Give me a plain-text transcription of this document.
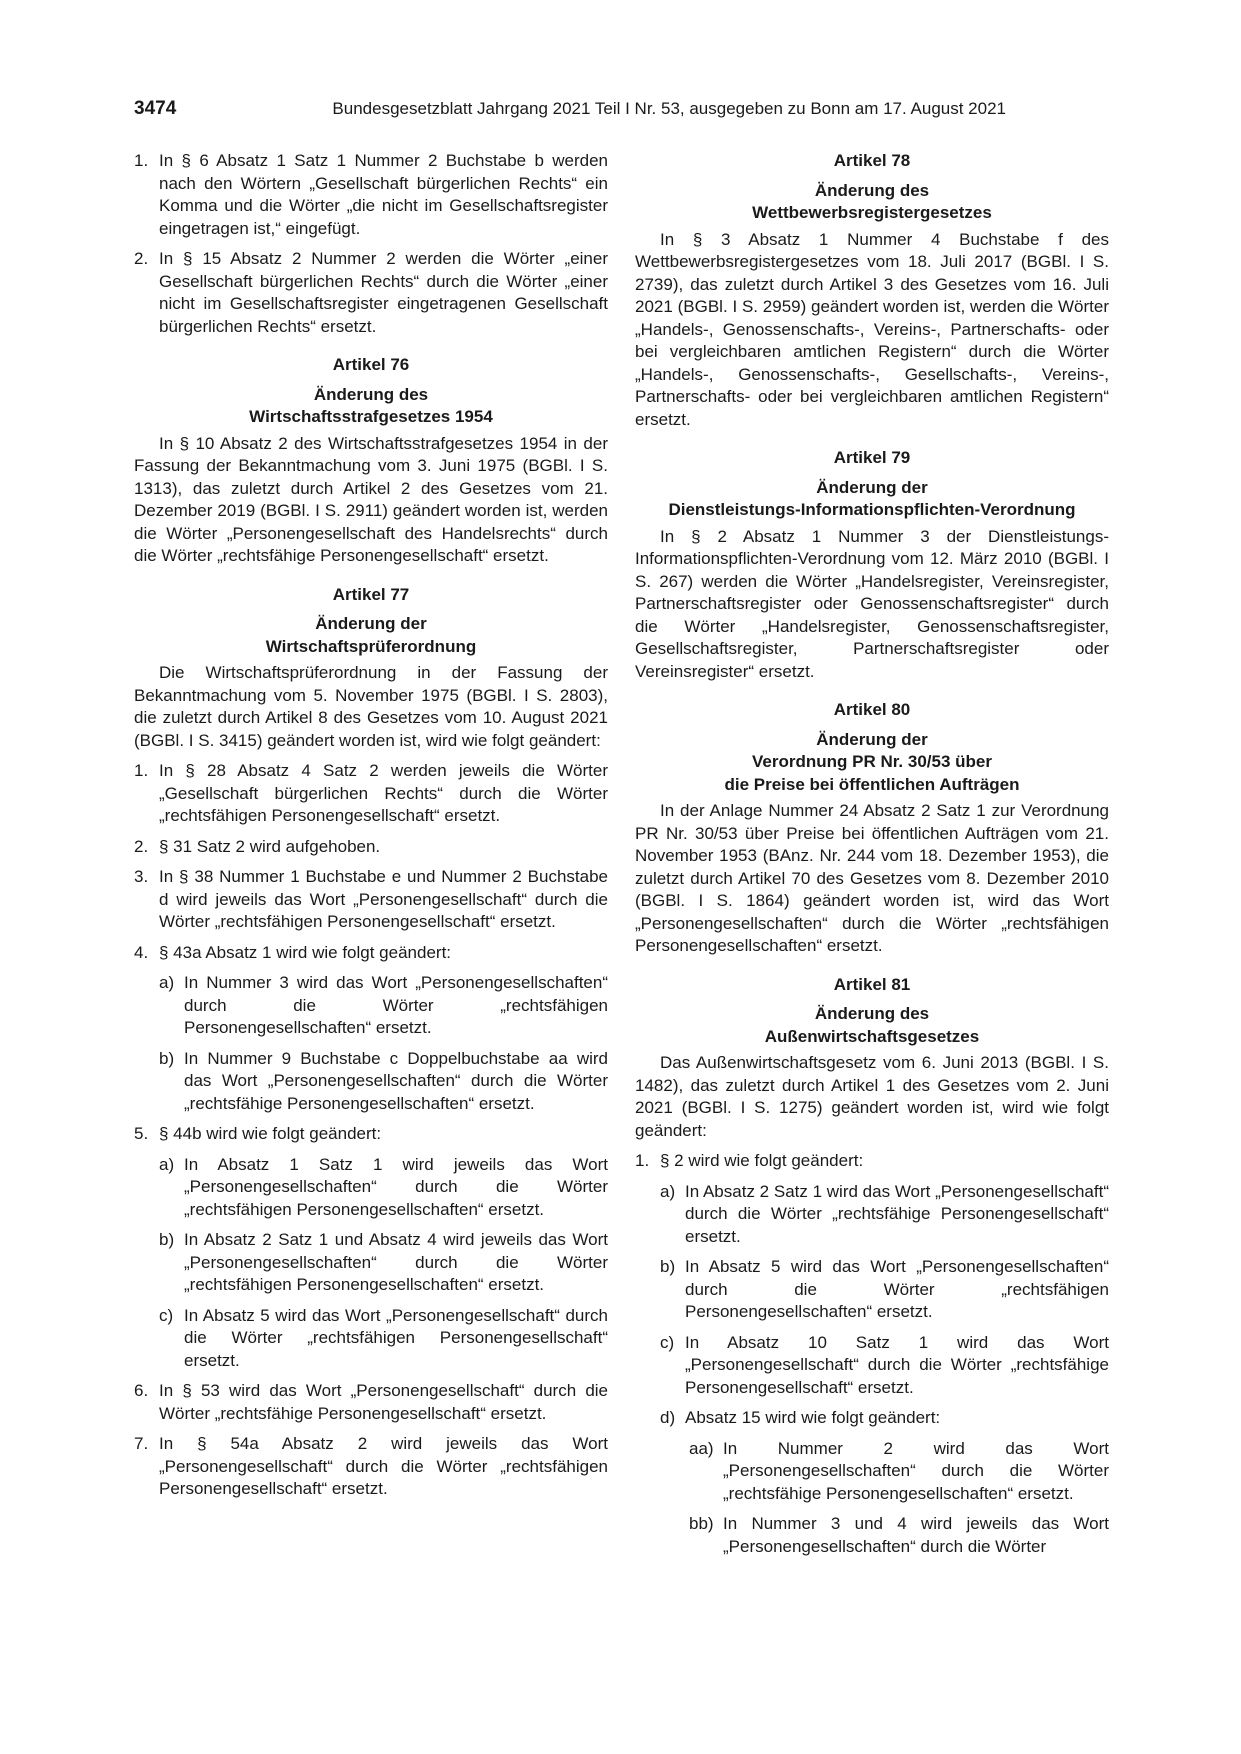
3474	Bundesgesetzblatt Jahrgang 2021 Teil I Nr. 53, ausgegeben zu Bonn am 17. August 2021
1. In § 6 Absatz 1 Satz 1 Nummer 2 Buchstabe b werden nach den Wörtern „Gesellschaft bürgerlichen Rechts“ ein Komma und die Wörter „die nicht im Gesellschaftsregister eingetragen ist,“ eingefügt.
2. In § 15 Absatz 2 Nummer 2 werden die Wörter „einer Gesellschaft bürgerlichen Rechts“ durch die Wörter „einer nicht im Gesellschaftsregister eingetragenen Gesellschaft bürgerlichen Rechts“ ersetzt.
Artikel 76
Änderung des
Wirtschaftsstrafgesetzes 1954

In § 10 Absatz 2 des Wirtschaftsstrafgesetzes 1954 in der Fassung der Bekanntmachung vom 3. Juni 1975 (BGBl. I S. 1313), das zuletzt durch Artikel 2 des Gesetzes vom 21. Dezember 2019 (BGBl. I S. 2911) geändert worden ist, werden die Wörter „Personengesellschaft des Handelsrechts“ durch die Wörter „rechtsfähige Personengesellschaft“ ersetzt.

Artikel 77
Änderung der
Wirtschaftsprüferordnung

Die Wirtschaftsprüferordnung in der Fassung der Bekanntmachung vom 5. November 1975 (BGBl. I S. 2803), die zuletzt durch Artikel 8 des Gesetzes vom 10. August 2021 (BGBl. I S. 3415) geändert worden ist, wird wie folgt geändert:

1. In § 28 Absatz 4 Satz 2 werden jeweils die Wörter „Gesellschaft bürgerlichen Rechts“ durch die Wörter „rechtsfähigen Personengesellschaft“ ersetzt.
2. § 31 Satz 2 wird aufgehoben.
3. In § 38 Nummer 1 Buchstabe e und Nummer 2 Buchstabe d wird jeweils das Wort „Personengesellschaft“ durch die Wörter „rechtsfähigen Personengesellschaft“ ersetzt.
4. § 43a Absatz 1 wird wie folgt geändert:
a) In Nummer 3 wird das Wort „Personengesellschaften“ durch die Wörter „rechtsfähigen Personengesellschaften“ ersetzt.
b) In Nummer 9 Buchstabe c Doppelbuchstabe aa wird das Wort „Personengesellschaften“ durch die Wörter „rechtsfähige Personengesellschaften“ ersetzt.
5. § 44b wird wie folgt geändert:
a) In Absatz 1 Satz 1 wird jeweils das Wort „Personengesellschaften“ durch die Wörter „rechtsfähigen Personengesellschaften“ ersetzt.
b) In Absatz 2 Satz 1 und Absatz 4 wird jeweils das Wort „Personengesellschaften“ durch die Wörter „rechtsfähigen Personengesellschaften“ ersetzt.
c) In Absatz 5 wird das Wort „Personengesellschaft“ durch die Wörter „rechtsfähigen Personengesellschaft“ ersetzt.
6. In § 53 wird das Wort „Personengesellschaft“ durch die Wörter „rechtsfähige Personengesellschaft“ ersetzt.
7. In § 54a Absatz 2 wird jeweils das Wort „Personengesellschaft“ durch die Wörter „rechtsfähigen Personengesellschaft“ ersetzt.
Artikel 78
Änderung des
Wettbewerbsregistergesetzes

In § 3 Absatz 1 Nummer 4 Buchstabe f des Wettbewerbsregistergesetzes vom 18. Juli 2017 (BGBl. I S. 2739), das zuletzt durch Artikel 3 des Gesetzes vom 16. Juli 2021 (BGBl. I S. 2959) geändert worden ist, werden die Wörter „Handels-, Genossenschafts-, Vereins-, Partnerschafts- oder bei vergleichbaren amtlichen Registern“ durch die Wörter „Handels-, Genossenschafts-, Gesellschafts-, Vereins-, Partnerschafts- oder bei vergleichbaren amtlichen Registern“ ersetzt.

Artikel 79
Änderung der
Dienstleistungs-Informationspflichten-Verordnung

In § 2 Absatz 1 Nummer 3 der Dienstleistungs-Informationspflichten-Verordnung vom 12. März 2010 (BGBl. I S. 267) werden die Wörter „Handelsregister, Vereinsregister, Partnerschaftsregister oder Genossenschaftsregister“ durch die Wörter „Handelsregister, Genossenschaftsregister, Gesellschaftsregister, Partnerschaftsregister oder Vereinsregister“ ersetzt.

Artikel 80
Änderung der
Verordnung PR Nr. 30/53 über
die Preise bei öffentlichen Aufträgen

In der Anlage Nummer 24 Absatz 2 Satz 1 zur Verordnung PR Nr. 30/53 über Preise bei öffentlichen Aufträgen vom 21. November 1953 (BAnz. Nr. 244 vom 18. Dezember 1953), die zuletzt durch Artikel 70 des Gesetzes vom 8. Dezember 2010 (BGBl. I S. 1864) geändert worden ist, wird das Wort „Personengesellschaften“ durch die Wörter „rechtsfähigen Personengesellschaften“ ersetzt.

Artikel 81
Änderung des
Außenwirtschaftsgesetzes

Das Außenwirtschaftsgesetz vom 6. Juni 2013 (BGBl. I S. 1482), das zuletzt durch Artikel 1 des Gesetzes vom 2. Juni 2021 (BGBl. I S. 1275) geändert worden ist, wird wie folgt geändert:

1. § 2 wird wie folgt geändert:
a) In Absatz 2 Satz 1 wird das Wort „Personengesellschaft“ durch die Wörter „rechtsfähige Personengesellschaft“ ersetzt.
b) In Absatz 5 wird das Wort „Personengesellschaften“ durch die Wörter „rechtsfähigen Personengesellschaften“ ersetzt.
c) In Absatz 10 Satz 1 wird das Wort „Personengesellschaft“ durch die Wörter „rechtsfähige Personengesellschaft“ ersetzt.
d) Absatz 15 wird wie folgt geändert:
aa) In Nummer 2 wird das Wort „Personengesellschaften“ durch die Wörter „rechtsfähige Personengesellschaften“ ersetzt.
bb) In Nummer 3 und 4 wird jeweils das Wort „Personengesellschaften“ durch die Wörter
